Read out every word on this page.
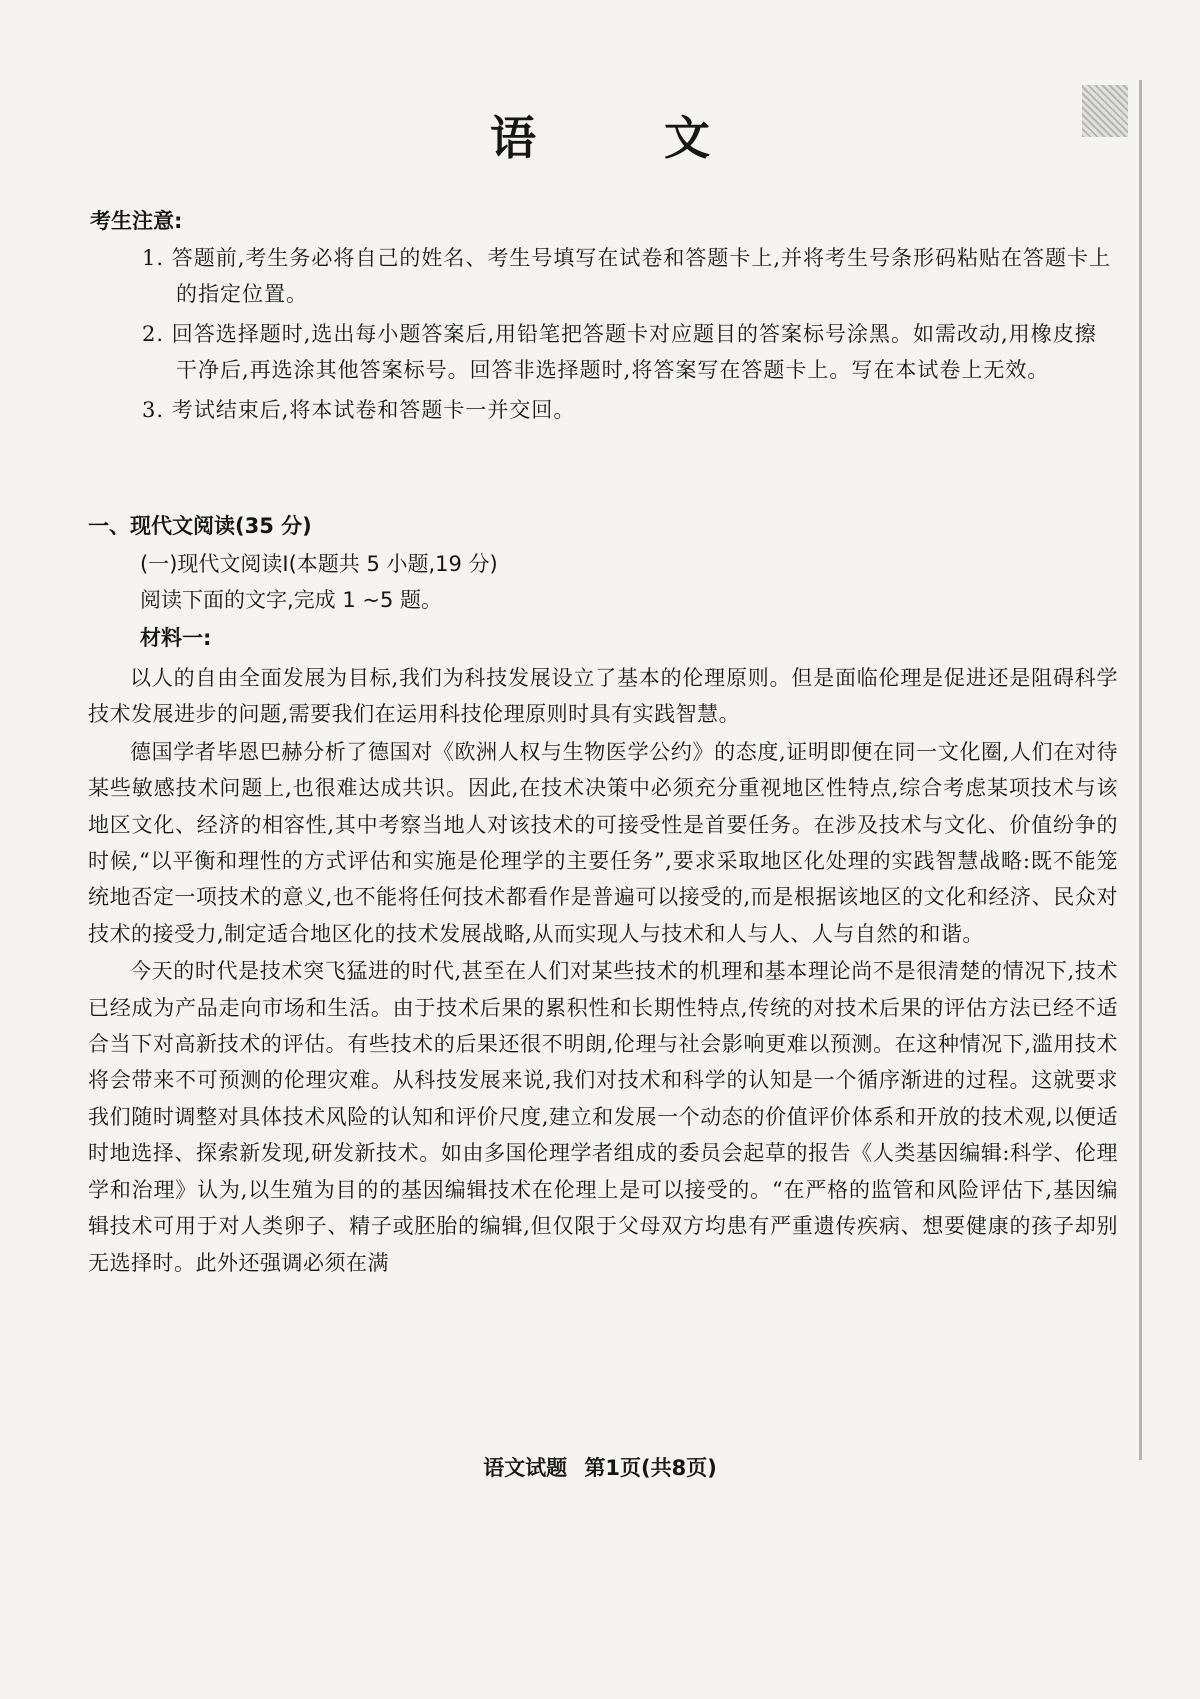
语 文
考生注意:
1. 答题前,考生务必将自己的姓名、考生号填写在试卷和答题卡上,并将考生号条形码粘贴在答题卡上的指定位置。
2. 回答选择题时,选出每小题答案后,用铅笔把答题卡对应题目的答案标号涂黑。如需改动,用橡皮擦干净后,再选涂其他答案标号。回答非选择题时,将答案写在答题卡上。写在本试卷上无效。
3. 考试结束后,将本试卷和答题卡一并交回。
一、现代文阅读(35 分)
(一)现代文阅读Ⅰ(本题共 5 小题,19 分)
阅读下面的文字,完成 1 ~5 题。
材料一:

以人的自由全面发展为目标,我们为科技发展设立了基本的伦理原则。但是面临伦理是促进还是阻碍科学技术发展进步的问题,需要我们在运用科技伦理原则时具有实践智慧。

德国学者毕恩巴赫分析了德国对《欧洲人权与生物医学公约》的态度,证明即便在同一文化圈,人们在对待某些敏感技术问题上,也很难达成共识。因此,在技术决策中必须充分重视地区性特点,综合考虑某项技术与该地区文化、经济的相容性,其中考察当地人对该技术的可接受性是首要任务。在涉及技术与文化、价值纷争的时候,“以平衡和理性的方式评估和实施是伦理学的主要任务”,要求采取地区化处理的实践智慧战略:既不能笼统地否定一项技术的意义,也不能将任何技术都看作是普遍可以接受的,而是根据该地区的文化和经济、民众对技术的接受力,制定适合地区化的技术发展战略,从而实现人与技术和人与人、人与自然的和谐。

今天的时代是技术突飞猛进的时代,甚至在人们对某些技术的机理和基本理论尚不是很清楚的情况下,技术已经成为产品走向市场和生活。由于技术后果的累积性和长期性特点,传统的对技术后果的评估方法已经不适合当下对高新技术的评估。有些技术的后果还很不明朗,伦理与社会影响更难以预测。在这种情况下,滥用技术将会带来不可预测的伦理灾难。从科技发展来说,我们对技术和科学的认知是一个循序渐进的过程。这就要求我们随时调整对具体技术风险的认知和评价尺度,建立和发展一个动态的价值评价体系和开放的技术观,以便适时地选择、探索新发现,研发新技术。如由多国伦理学者组成的委员会起草的报告《人类基因编辑:科学、伦理学和治理》认为,以生殖为目的的基因编辑技术在伦理上是可以接受的。“在严格的监管和风险评估下,基因编辑技术可用于对人类卵子、精子或胚胎的编辑,但仅限于父母双方均患有严重遗传疾病、想要健康的孩子却别无选择时。此外还强调必须在满

语文试题 第1页(共8页)
